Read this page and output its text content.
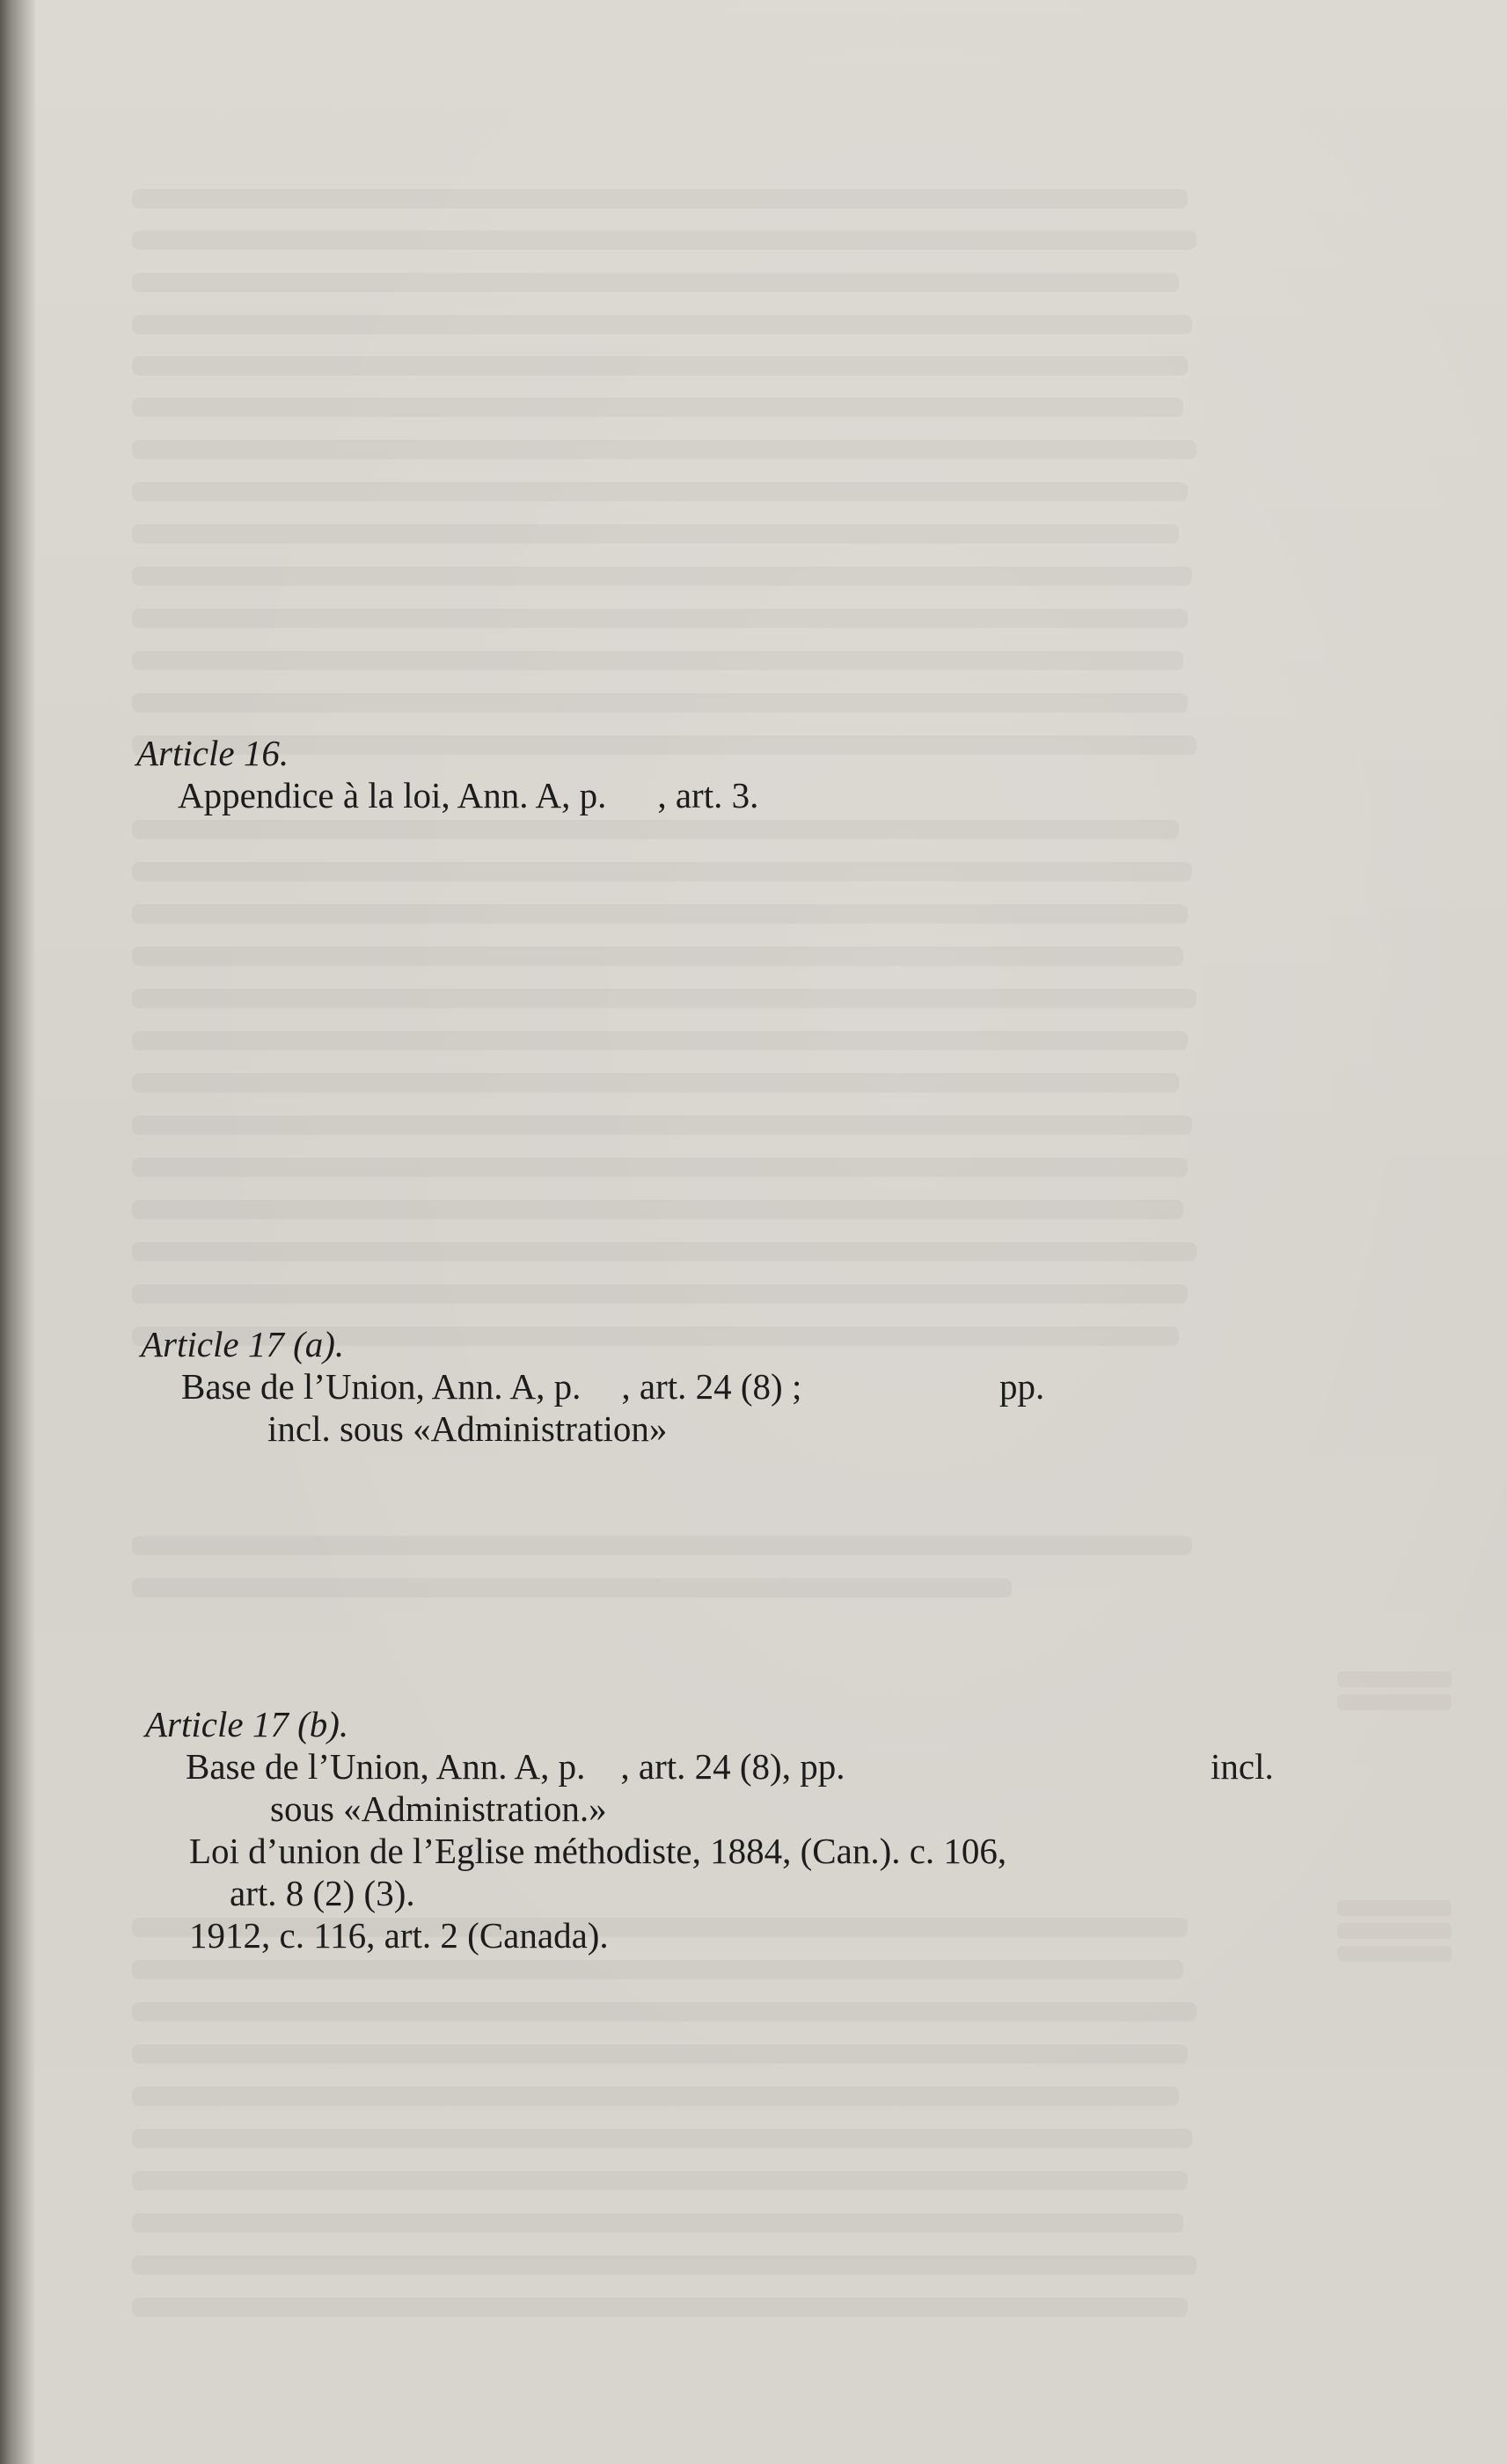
Article 16.
Appendice à la loi, Ann. A, p. , art. 3.
Article 17 (a).
Base de l’Union, Ann. A, p. , art. 24 (8) ;	pp.
incl. sous «Administration»
Article 17 (b).
Base de l’Union, Ann. A, p. , art. 24 (8), pp.	incl.
sous «Administration.»
Loi d’union de l’Eglise méthodiste, 1884, (Can.). c. 106,
art. 8 (2) (3).
1912, c. 116, art. 2 (Canada).
